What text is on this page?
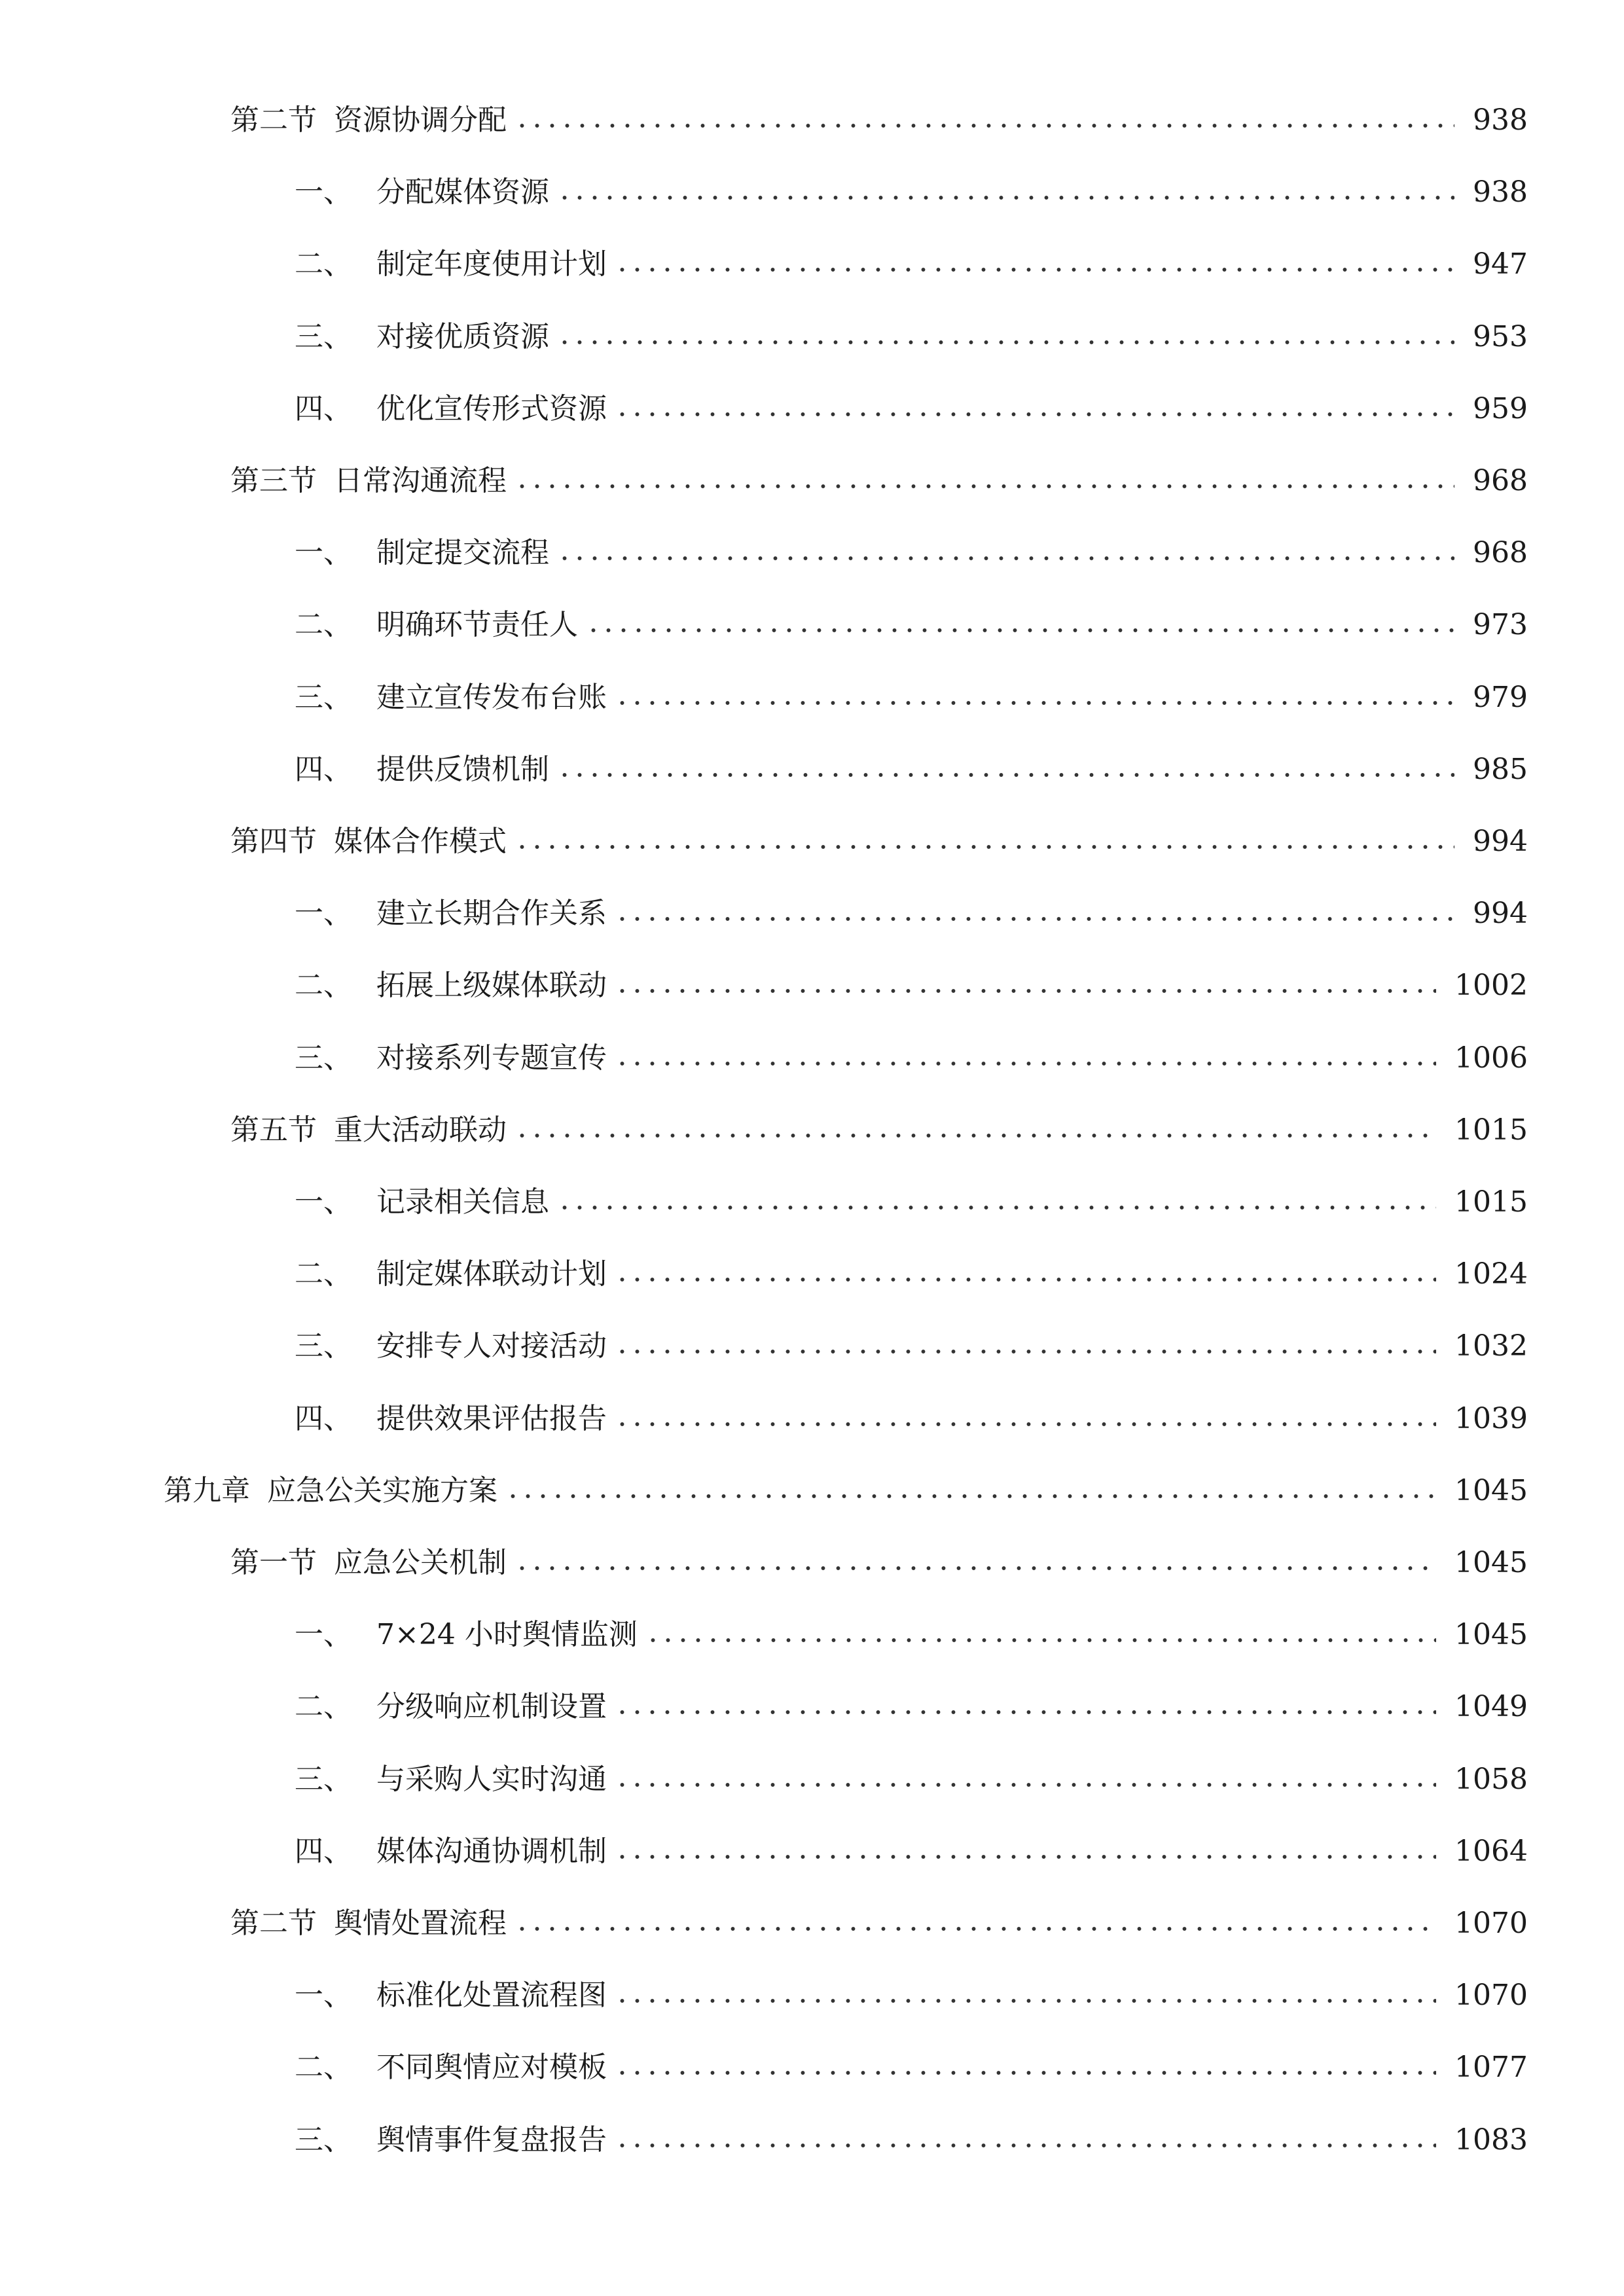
第二节 资源协调分配	938
一、 分配媒体资源	938
二、 制定年度使用计划	947
三、 对接优质资源	953
四、 优化宣传形式资源	959
第三节 日常沟通流程	968
一、 制定提交流程	968
二、 明确环节责任人	973
三、 建立宣传发布台账	979
四、 提供反馈机制	985
第四节 媒体合作模式	994
一、 建立长期合作关系	994
二、 拓展上级媒体联动	1002
三、 对接系列专题宣传	1006
第五节 重大活动联动	1015
一、 记录相关信息	1015
二、 制定媒体联动计划	1024
三、 安排专人对接活动	1032
四、 提供效果评估报告	1039
第九章 应急公关实施方案	1045
第一节 应急公关机制	1045
一、 7×24 小时舆情监测	1045
二、 分级响应机制设置	1049
三、 与采购人实时沟通	1058
四、 媒体沟通协调机制	1064
第二节 舆情处置流程	1070
一、 标准化处置流程图	1070
二、 不同舆情应对模板	1077
三、 舆情事件复盘报告	1083
